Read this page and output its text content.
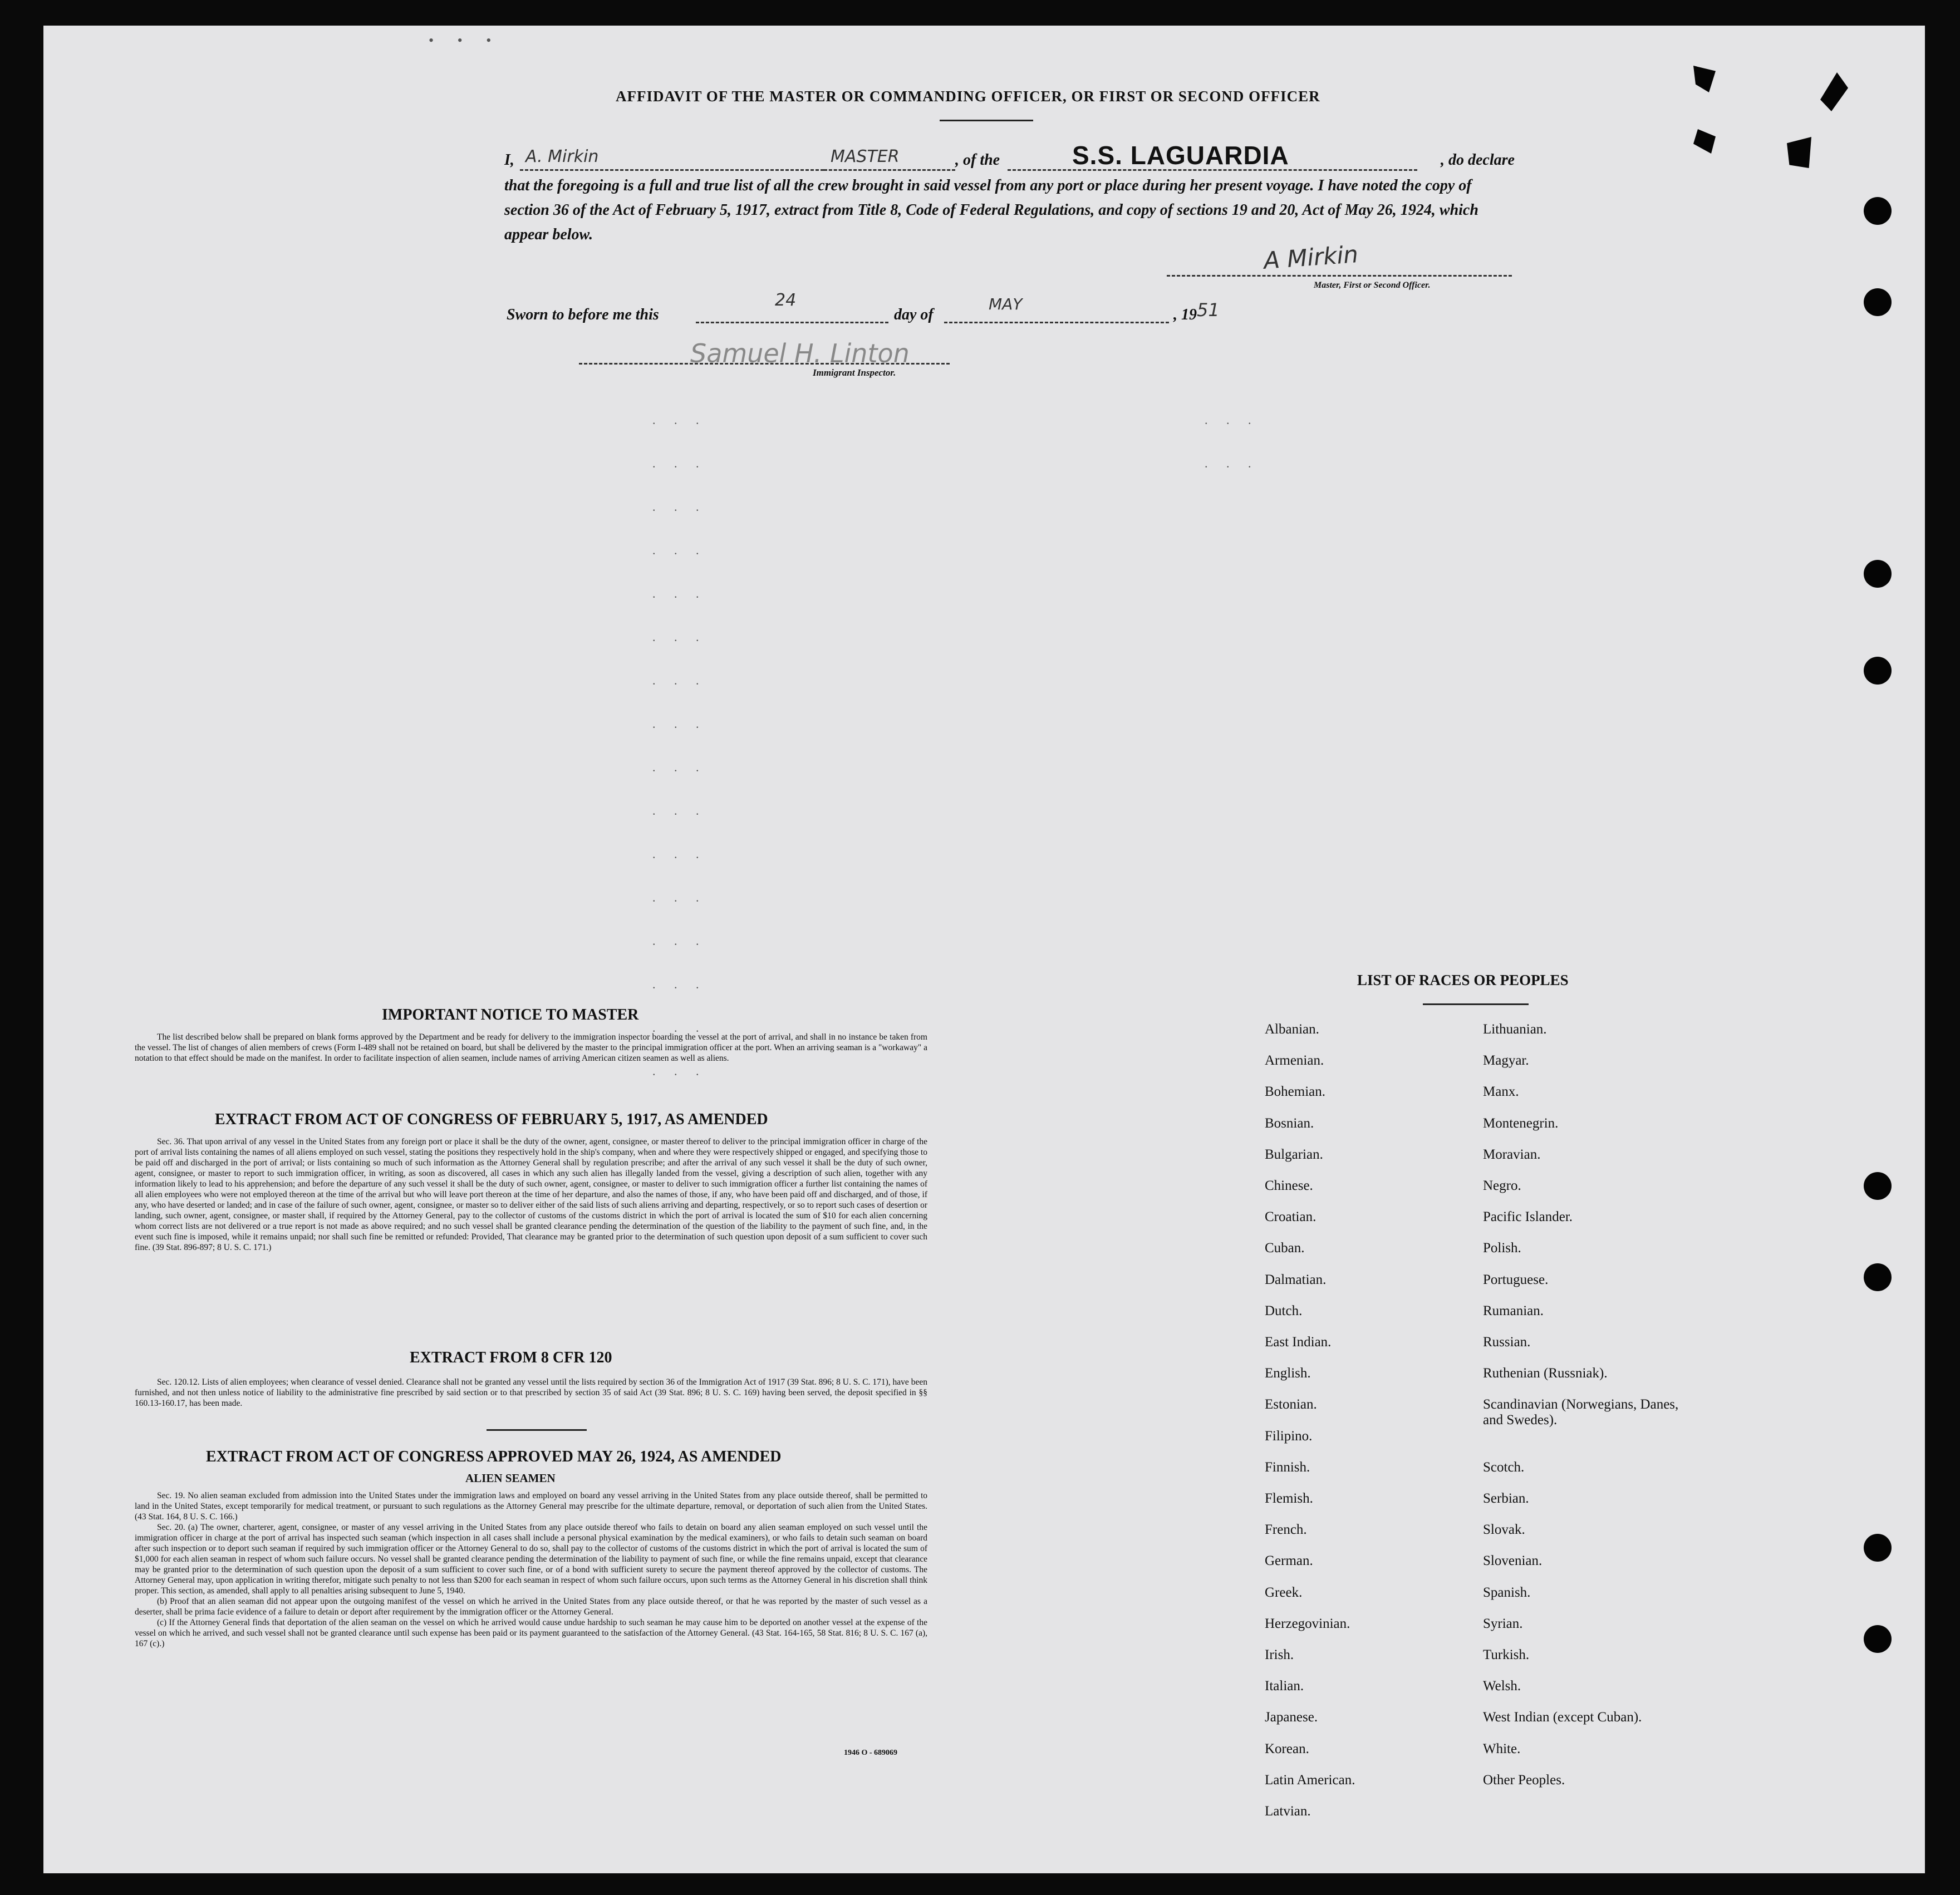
• • •
AFFIDAVIT OF THE MASTER OR COMMANDING OFFICER, OR FIRST OR SECOND OFFICER
I, A. Mirkin	MASTER	, of the	S.S. LAGUARDIA	, do declare
that the foregoing is a full and true list of all the crew brought in said vessel from any port or place during her present voyage. I have noted the copy of section 36 of the Act of February 5, 1917, extract from Title 8, Code of Federal Regulations, and copy of sections 19 and 20, Act of May 26, 1924, which appear below.
A Mirkin
Master, First or Second Officer.
Sworn to before me this
24
day of
MAY
, 19 51
Samuel H. Linton
Immigrant Inspector.
. . .
. . .
. . .
. . .
. . .
. . .
. . .
. . .
. . .
. . .
. . .
. . .
. . .
. . .
. . .
. . .
. . .
. . .
IMPORTANT NOTICE TO MASTER

The list described below shall be prepared on blank forms approved by the Department and be ready for delivery to the immigration inspector boarding the vessel at the port of arrival, and shall in no instance be taken from the vessel. The list of changes of alien members of crews (Form I-489 shall not be retained on board, but shall be delivered by the master to the principal immigration officer at the port. When an arriving seaman is a "workaway" a notation to that effect should be made on the manifest. In order to facilitate inspection of alien seamen, include names of arriving American citizen seamen as well as aliens.

EXTRACT FROM ACT OF CONGRESS OF FEBRUARY 5, 1917, AS AMENDED

Sec. 36. That upon arrival of any vessel in the United States from any foreign port or place it shall be the duty of the owner, agent, consignee, or master thereof to deliver to the principal immigration officer in charge of the port of arrival lists containing the names of all aliens employed on such vessel, stating the positions they respectively hold in the ship's company, when and where they were respectively shipped or engaged, and specifying those to be paid off and discharged in the port of arrival; or lists containing so much of such information as the Attorney General shall by regulation prescribe; and after the arrival of any such vessel it shall be the duty of such owner, agent, consignee, or master to report to such immigration officer, in writing, as soon as discovered, all cases in which any such alien has illegally landed from the vessel, giving a description of such alien, together with any information likely to lead to his apprehension; and before the departure of any such vessel it shall be the duty of such owner, agent, consignee, or master to deliver to such immigration officer a further list containing the names of all alien employees who were not employed thereon at the time of the arrival but who will leave port thereon at the time of her departure, and also the names of those, if any, who have been paid off and discharged, and of those, if any, who have deserted or landed; and in case of the failure of such owner, agent, consignee, or master so to deliver either of the said lists of such aliens arriving and departing, respectively, or so to report such cases of desertion or landing, such owner, agent, consignee, or master shall, if required by the Attorney General, pay to the collector of customs of the customs district in which the port of arrival is located the sum of $10 for each alien concerning whom correct lists are not delivered or a true report is not made as above required; and no such vessel shall be granted clearance pending the determination of the question of the liability to the payment of such fine, and, in the event such fine is imposed, while it remains unpaid; nor shall such fine be remitted or refunded: Provided, That clearance may be granted prior to the determination of such question upon deposit of a sum sufficient to cover such fine. (39 Stat. 896-897; 8 U. S. C. 171.)

EXTRACT FROM 8 CFR 120

Sec. 120.12. Lists of alien employees; when clearance of vessel denied. Clearance shall not be granted any vessel until the lists required by section 36 of the Immigration Act of 1917 (39 Stat. 896; 8 U. S. C. 171), have been furnished, and not then unless notice of liability to the administrative fine prescribed by said section or to that prescribed by section 35 of said Act (39 Stat. 896; 8 U. S. C. 169) having been served, the deposit specified in §§ 160.13-160.17, has been made.

EXTRACT FROM ACT OF CONGRESS APPROVED MAY 26, 1924, AS AMENDED
ALIEN SEAMEN

Sec. 19. No alien seaman excluded from admission into the United States under the immigration laws and employed on board any vessel arriving in the United States from any place outside thereof, shall be permitted to land in the United States, except temporarily for medical treatment, or pursuant to such regulations as the Attorney General may prescribe for the ultimate departure, removal, or deportation of such alien from the United States. (43 Stat. 164, 8 U. S. C. 166.)

Sec. 20. (a) The owner, charterer, agent, consignee, or master of any vessel arriving in the United States from any place outside thereof who fails to detain on board any alien seaman employed on such vessel until the immigration officer in charge at the port of arrival has inspected such seaman (which inspection in all cases shall include a personal physical examination by the medical examiners), or who fails to detain such seaman on board after such inspection or to deport such seaman if required by such immigration officer or the Attorney General to do so, shall pay to the collector of customs of the customs district in which the port of arrival is located the sum of $1,000 for each alien seaman in respect of whom such failure occurs. No vessel shall be granted clearance pending the determination of the liability to payment of such fine, or while the fine remains unpaid, except that clearance may be granted prior to the determination of such question upon the deposit of a sum sufficient to cover such fine, or of a bond with sufficient surety to secure the payment thereof approved by the collector of customs. The Attorney General may, upon application in writing therefor, mitigate such penalty to not less than $200 for each seaman in respect of whom such failure occurs, upon such terms as the Attorney General in his discretion shall think proper. This section, as amended, shall apply to all penalties arising subsequent to June 5, 1940.

(b) Proof that an alien seaman did not appear upon the outgoing manifest of the vessel on which he arrived in the United States from any place outside thereof, or that he was reported by the master of such vessel as a deserter, shall be prima facie evidence of a failure to detain or deport after requirement by the immigration officer or the Attorney General.

(c) If the Attorney General finds that deportation of the alien seaman on the vessel on which he arrived would cause undue hardship to such seaman he may cause him to be deported on another vessel at the expense of the vessel on which he arrived, and such vessel shall not be granted clearance until such expense has been paid or its payment guaranteed to the satisfaction of the Attorney General. (43 Stat. 164-165, 58 Stat. 816; 8 U. S. C. 167 (a), 167 (c).)

1946 O - 689069
LIST OF RACES OR PEOPLES
Albanian.
Armenian.
Bohemian.
Bosnian.
Bulgarian.
Chinese.
Croatian.
Cuban.
Dalmatian.
Dutch.
East Indian.
English.
Estonian.
Filipino.
Finnish.
Flemish.
French.
German.
Greek.
Herzegovinian.
Irish.
Italian.
Japanese.
Korean.
Latin American.
Latvian.
Lithuanian.
Magyar.
Manx.
Montenegrin.
Moravian.
Negro.
Pacific Islander.
Polish.
Portuguese.
Rumanian.
Russian.
Ruthenian (Russniak).
Scandinavian (Norwegians, Danes, and Swedes).
Scotch.
Serbian.
Slovak.
Slovenian.
Spanish.
Syrian.
Turkish.
Welsh.
West Indian (except Cuban).
White.
Other Peoples.
